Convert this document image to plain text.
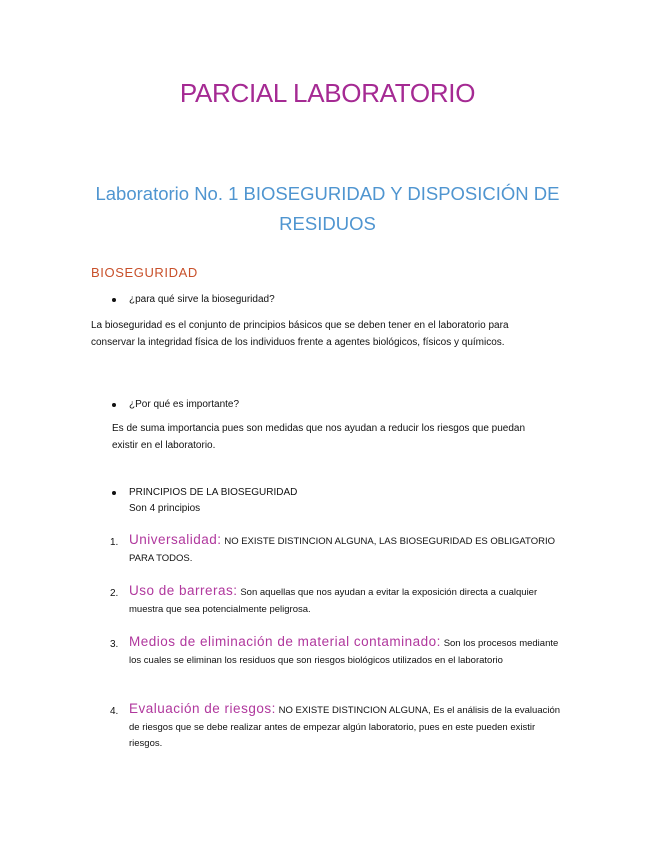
PARCIAL LABORATORIO
Laboratorio No. 1 BIOSEGURIDAD Y DISPOSICIÓN DE RESIDUOS
BIOSEGURIDAD
¿para qué sirve la bioseguridad?
La bioseguridad es el conjunto de principios básicos que se deben tener en el laboratorio para conservar la integridad física de los individuos frente a agentes biológicos, físicos y químicos.
¿Por qué es importante?
Es de suma importancia pues son medidas que nos ayudan a reducir los riesgos que puedan existir en el laboratorio.
PRINCIPIOS DE LA BIOSEGURIDAD
Son 4 principios
1. Universalidad: NO EXISTE DISTINCION ALGUNA, LAS BIOSEGURIDAD ES OBLIGATORIO PARA TODOS.
2. Uso de barreras: Son aquellas que nos ayudan a evitar la exposición directa a cualquier muestra que sea potencialmente peligrosa.
3. Medios de eliminación de material contaminado: Son los procesos mediante los cuales se eliminan los residuos que son riesgos biológicos utilizados en el laboratorio
4. Evaluación de riesgos: NO EXISTE DISTINCION ALGUNA, Es el análisis de la evaluación de riesgos que se debe realizar antes de empezar algún laboratorio, pues en este pueden existir riesgos.
